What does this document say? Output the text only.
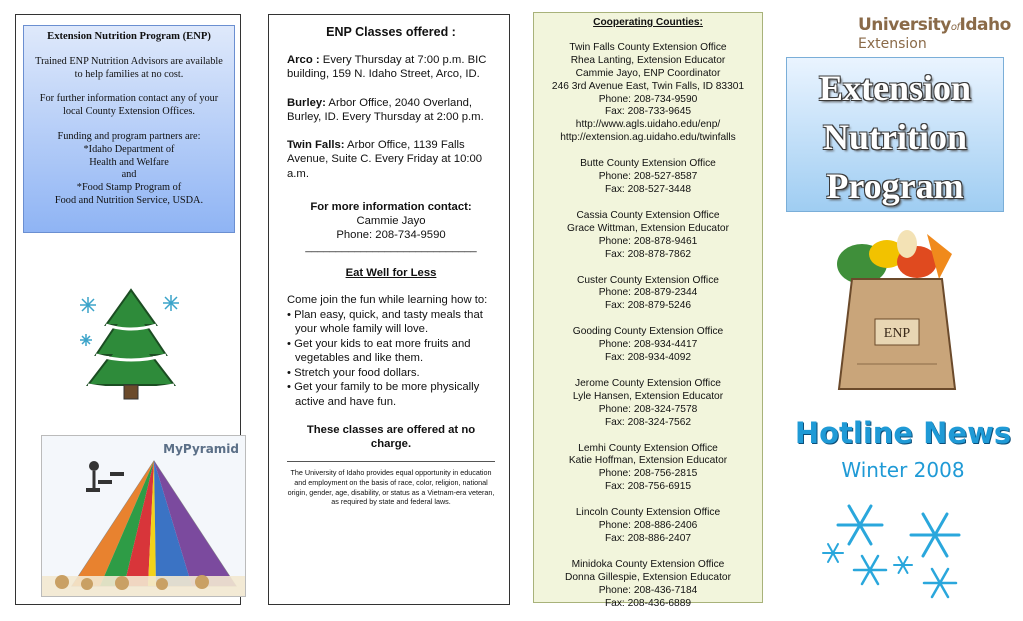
Extension Nutrition Program (ENP)
Trained ENP Nutrition Advisors are available to help families at no cost.
For further information contact any of your local County Extension Offices.
Funding and program partners are:
*Idaho Department of
Health and Welfare
and
*Food Stamp Program of
Food and Nutrition Service, USDA.
MyPyramid
ENP Classes offered :
Arco : Every Thursday at 7:00 p.m. BIC building, 159 N. Idaho Street, Arco, ID.
Burley: Arbor Office, 2040 Overland, Burley, ID. Every Thursday at 2:00 p.m.
Twin Falls: Arbor Office, 1139 Falls Avenue, Suite C. Every Friday at 10:00 a.m.
For more information contact:
Cammie Jayo
Phone: 208-734-9590
____________________________
Eat Well for Less
Come join the fun while learning how to:
• Plan easy, quick, and tasty meals that your whole family will love.
• Get your kids to eat more fruits and vegetables and like them.
• Stretch your food dollars.
• Get your family to be more physically active and have fun.
These classes are offered at no charge.
The University of Idaho provides equal opportunity in education and employment on the basis of race, color, religion, national origin, gender, age, disability, or status as a Vietnam-era veteran, as required by state and federal laws.
Cooperating Counties:
Twin Falls County Extension Office
Rhea Lanting, Extension Educator
Cammie Jayo, ENP Coordinator
246 3rd Avenue East, Twin Falls, ID 83301
Phone: 208-734-9590
Fax: 208-733-9645
http://www.agls.uidaho.edu/enp/
http://extension.ag.uidaho.edu/twinfalls
Butte County Extension Office
Phone: 208-527-8587
Fax: 208-527-3448
Cassia County Extension Office
Grace Wittman, Extension Educator
Phone: 208-878-9461
Fax: 208-878-7862
Custer County Extension Office
Phone: 208-879-2344
Fax: 208-879-5246
Gooding County Extension Office
Phone: 208-934-4417
Fax: 208-934-4092
Jerome County Extension Office
Lyle Hansen, Extension Educator
Phone: 208-324-7578
Fax: 208-324-7562
Lemhi County Extension Office
Katie Hoffman, Extension Educator
Phone: 208-756-2815
Fax: 208-756-6915
Lincoln County Extension Office
Phone: 208-886-2406
Fax: 208-886-2407
Minidoka County Extension Office
Donna Gillespie, Extension Educator
Phone: 208-436-7184
Fax: 208-436-6889
UniversityofIdaho
Extension
Extension
Nutrition
Program
ENP
Hotline News
Winter 2008
